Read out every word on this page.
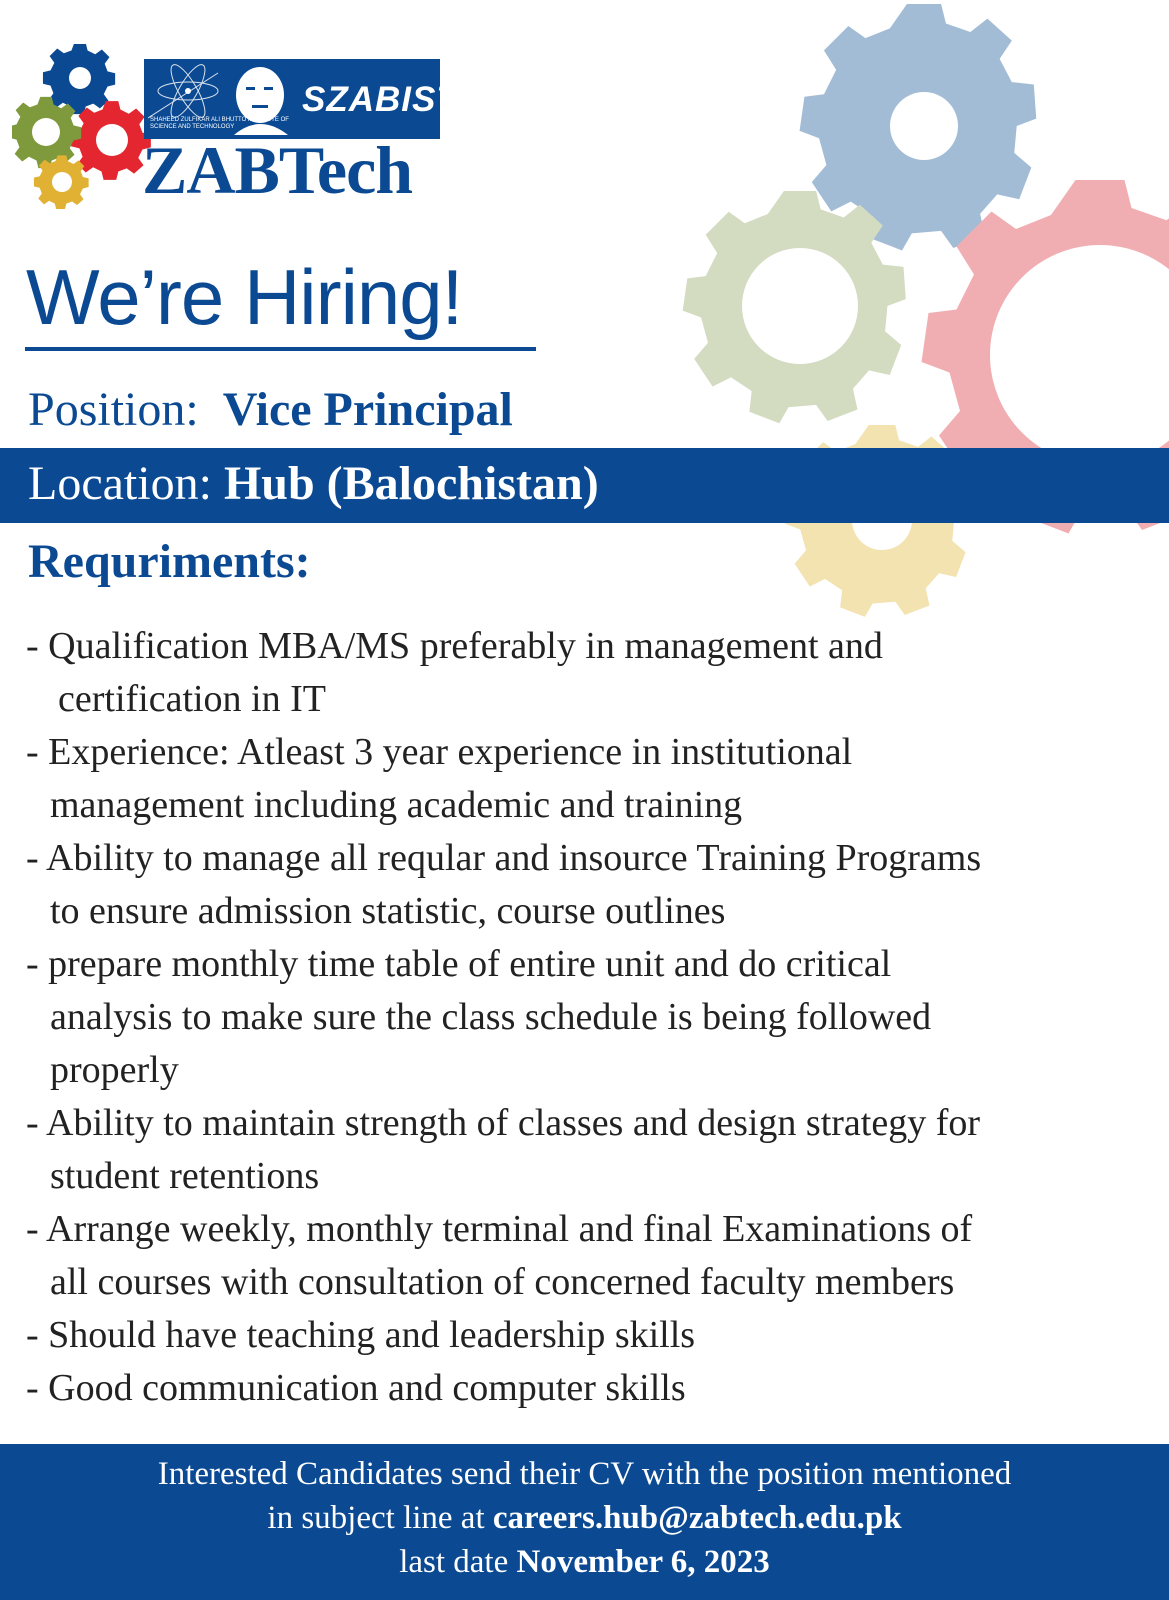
SZABIST
SHAHEED ZULFIKAR ALI BHUTTO INSTITUTE OF SCIENCE AND TECHNOLOGY
ZABTech
We’re Hiring!
Position: Vice Principal
Location: Hub (Balochistan)
Requriments:
- Qualification MBA/MS preferably in management and
certification in IT
- Experience: Atleast 3 year experience in institutional
management including academic and training
- Ability to manage all reqular and insource Training Programs
to ensure admission statistic, course outlines
- prepare monthly time table of entire unit and do critical
analysis to make sure the class schedule is being followed
properly
- Ability to maintain strength of classes and design strategy for
student retentions
- Arrange weekly, monthly terminal and final Examinations of
all courses with consultation of concerned faculty members
- Should have teaching and leadership skills
- Good communication and computer skills
Interested Candidates send their CV with the position mentioned
in subject line at careers.hub@zabtech.edu.pk
last date November 6, 2023
